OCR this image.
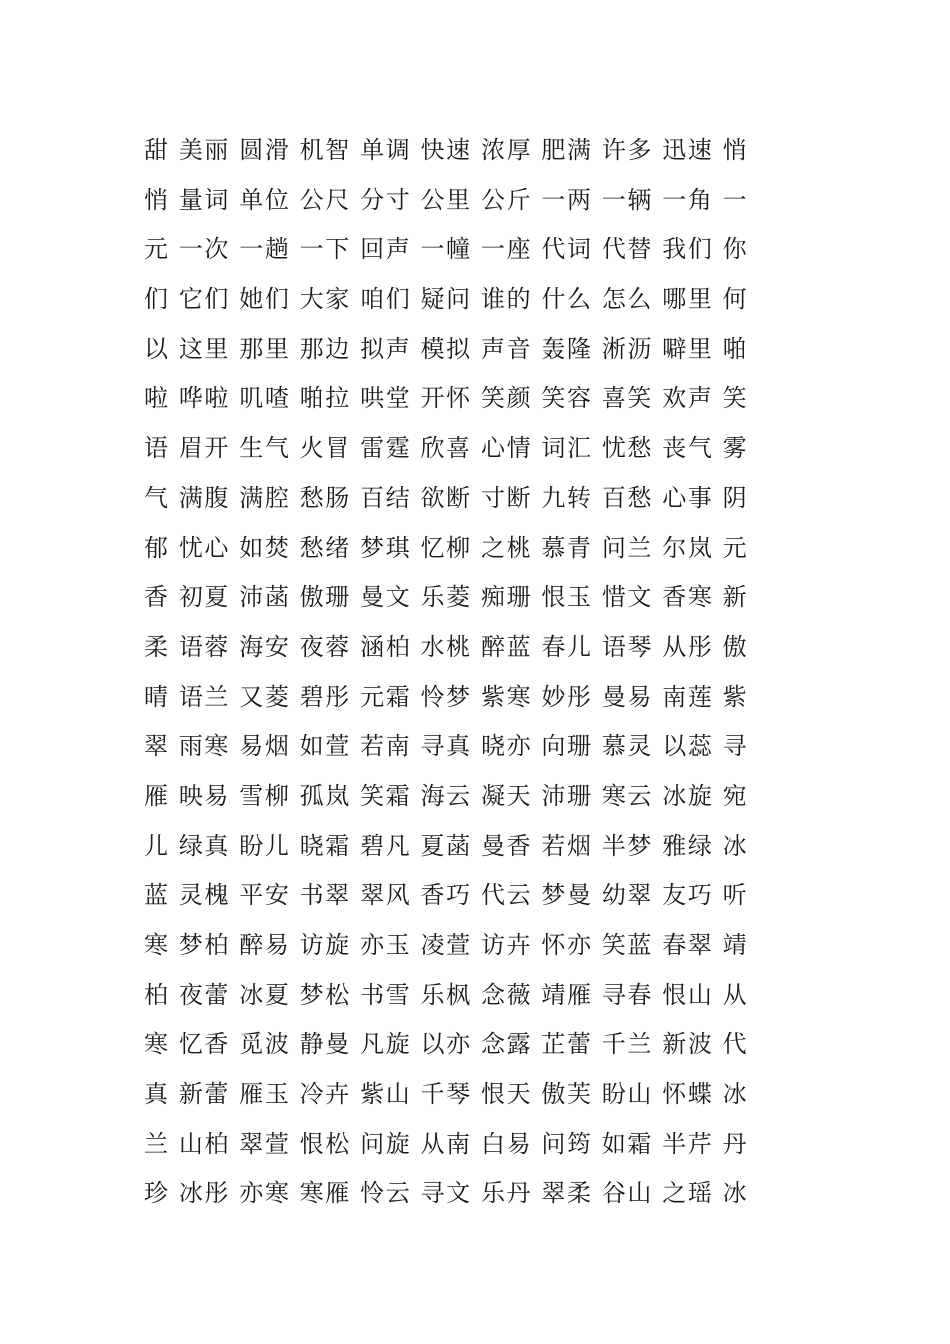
甜 美丽 圆滑 机智 单调 快速 浓厚 肥满 许多 迅速 悄
悄 量词 单位 公尺 分寸 公里 公斤 一两 一辆 一角 一
元 一次 一趟 一下 回声 一幢 一座 代词 代替 我们 你
们 它们 她们 大家 咱们 疑问 谁的 什么 怎么 哪里 何
以 这里 那里 那边 拟声 模拟 声音 轰隆 淅沥 噼里 啪
啦 哗啦 叽喳 啪拉 哄堂 开怀 笑颜 笑容 喜笑 欢声 笑
语 眉开 生气 火冒 雷霆 欣喜 心情 词汇 忧愁 丧气 雾
气 满腹 满腔 愁肠 百结 欲断 寸断 九转 百愁 心事 阴
郁 忧心 如焚 愁绪 梦琪 忆柳 之桃 慕青 问兰 尔岚 元
香 初夏 沛菡 傲珊 曼文 乐菱 痴珊 恨玉 惜文 香寒 新
柔 语蓉 海安 夜蓉 涵柏 水桃 醉蓝 春儿 语琴 从彤 傲
晴 语兰 又菱 碧彤 元霜 怜梦 紫寒 妙彤 曼易 南莲 紫
翠 雨寒 易烟 如萱 若南 寻真 晓亦 向珊 慕灵 以蕊 寻
雁 映易 雪柳 孤岚 笑霜 海云 凝天 沛珊 寒云 冰旋 宛
儿 绿真 盼儿 晓霜 碧凡 夏菡 曼香 若烟 半梦 雅绿 冰
蓝 灵槐 平安 书翠 翠风 香巧 代云 梦曼 幼翠 友巧 听
寒 梦柏 醉易 访旋 亦玉 凌萱 访卉 怀亦 笑蓝 春翠 靖
柏 夜蕾 冰夏 梦松 书雪 乐枫 念薇 靖雁 寻春 恨山 从
寒 忆香 觅波 静曼 凡旋 以亦 念露 芷蕾 千兰 新波 代
真 新蕾 雁玉 冷卉 紫山 千琴 恨天 傲芙 盼山 怀蝶 冰
兰 山柏 翠萱 恨松 问旋 从南 白易 问筠 如霜 半芹 丹
珍 冰彤 亦寒 寒雁 怜云 寻文 乐丹 翠柔 谷山 之瑶 冰
